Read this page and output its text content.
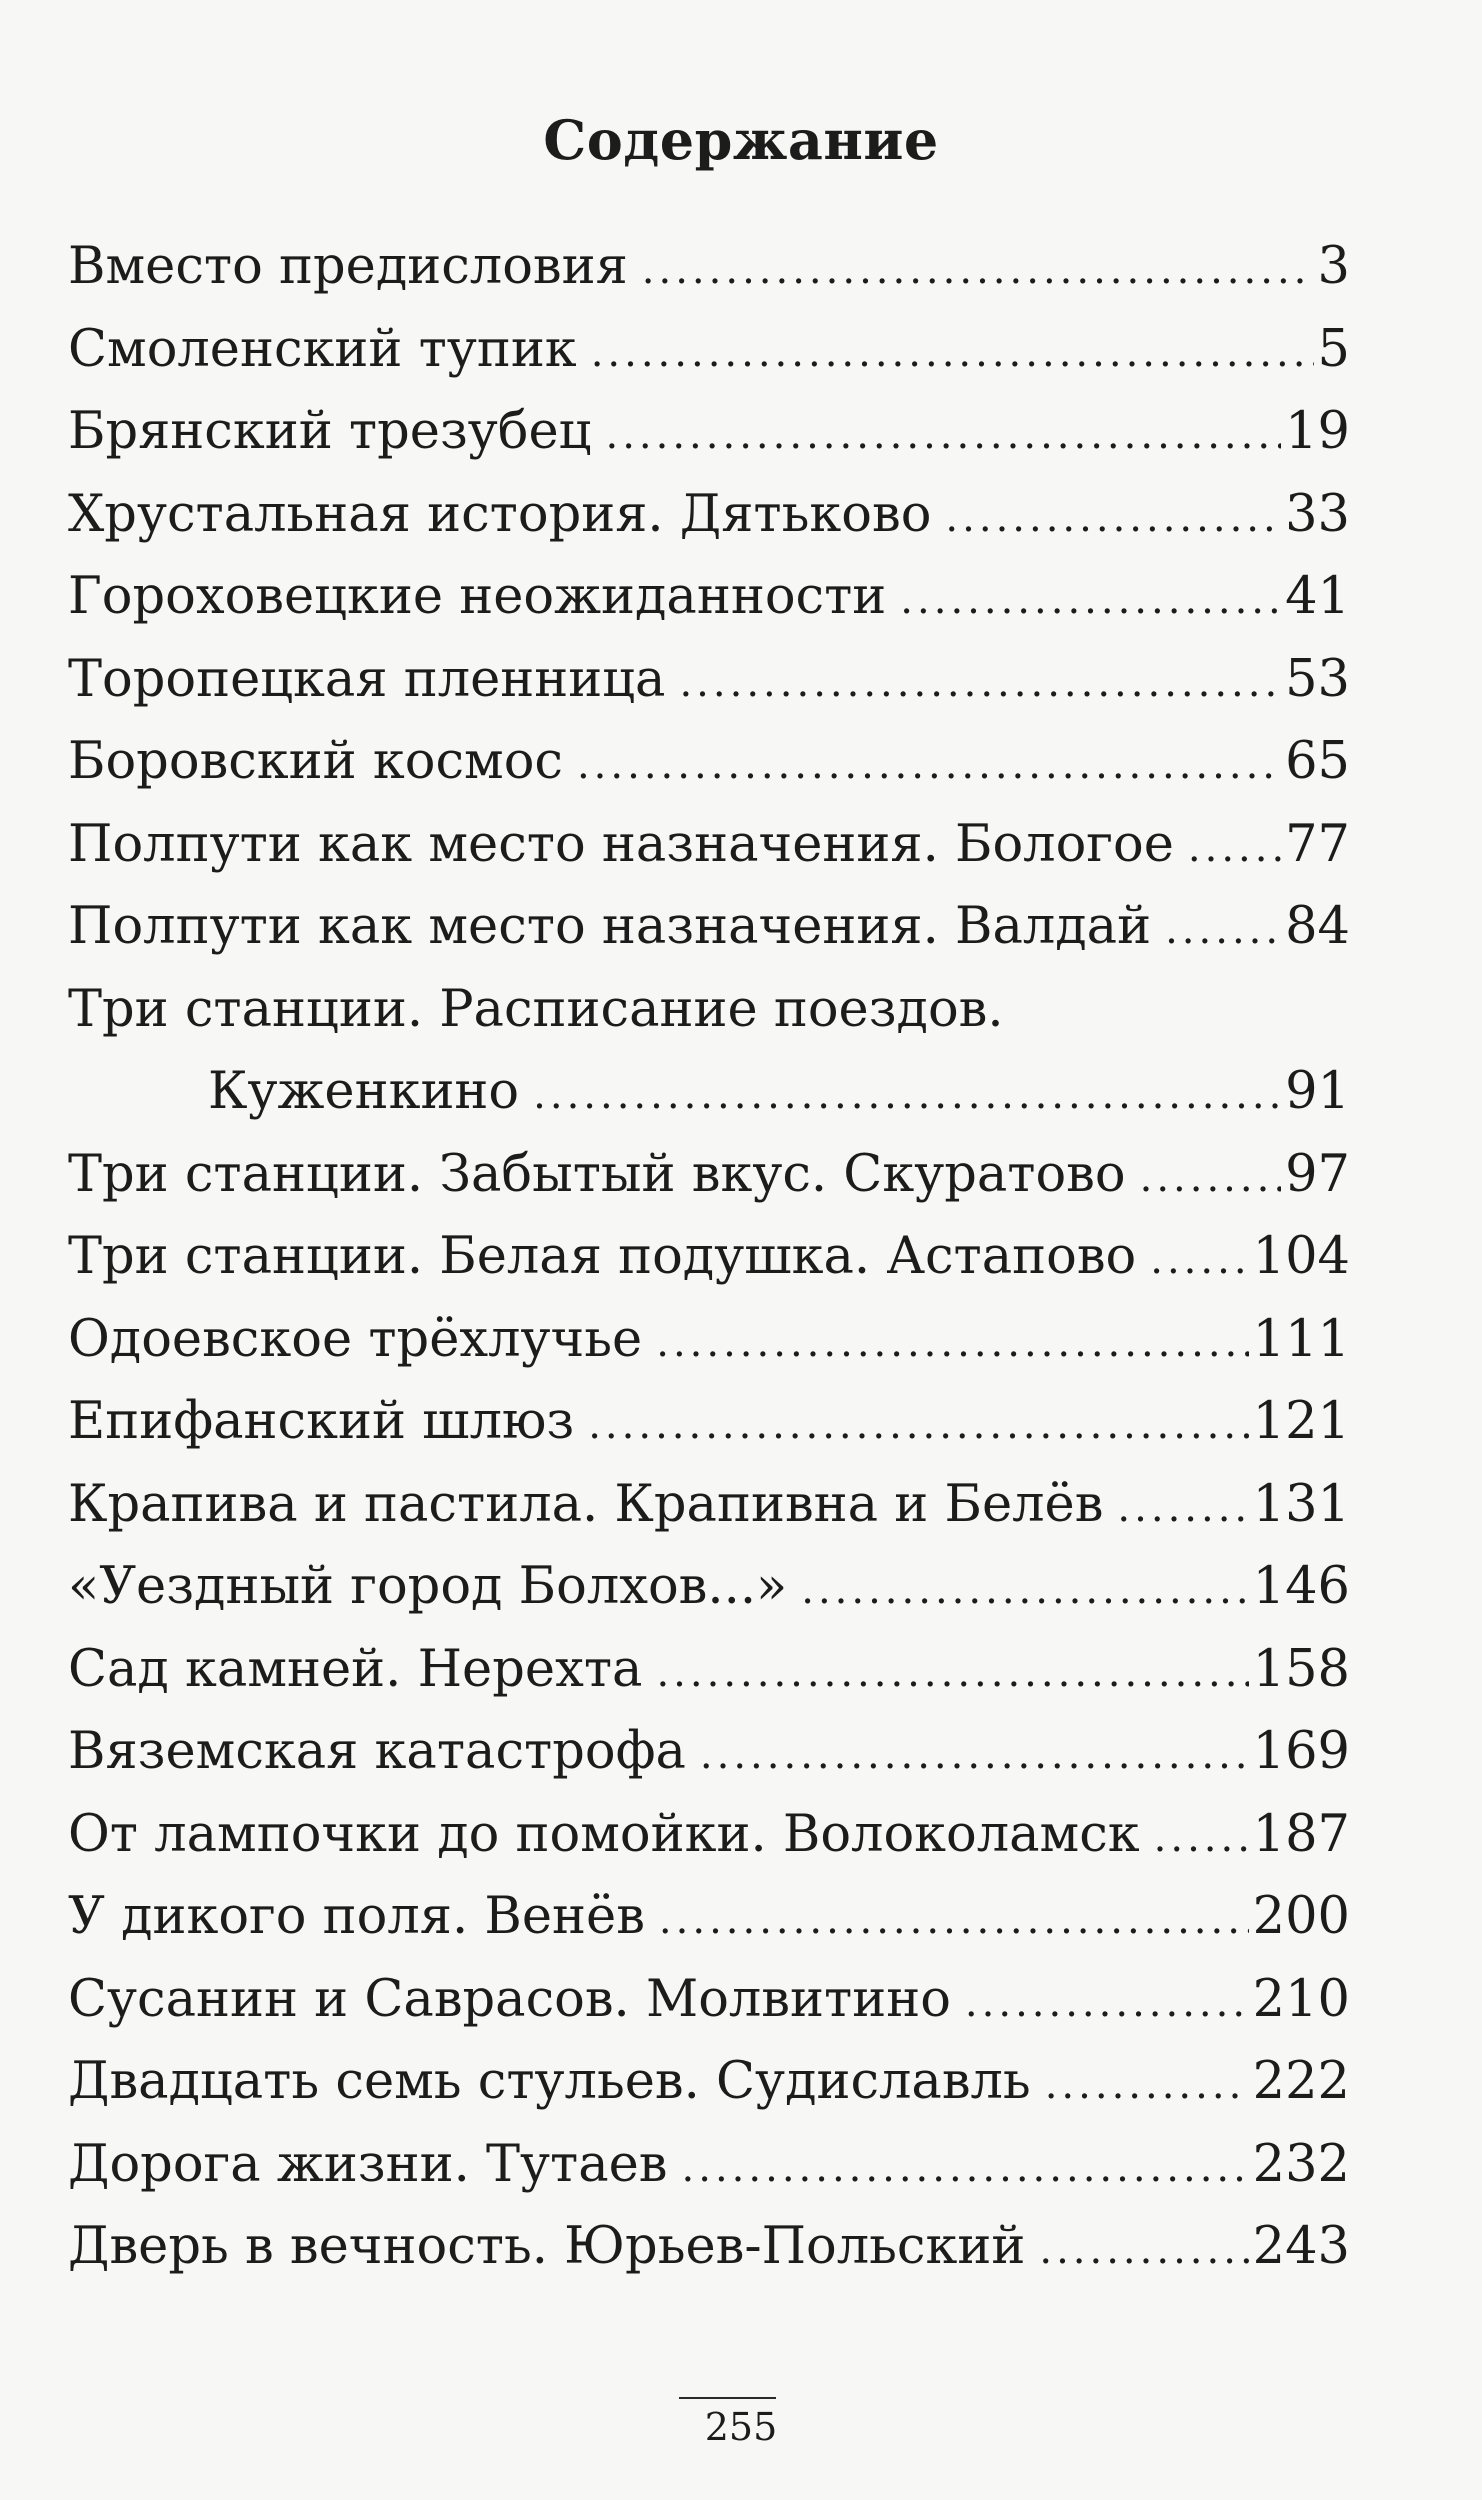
Содержание
Вместо предисловия .....	3
Смоленский тупик .....	5
Брянский трезубец .....	19
Хрустальная история. Дятьково .....	33
Гороховецкие неожиданности .....	41
Торопецкая пленница .....	53
Боровский космос .....	65
Полпути как место назначения. Бологое ..... 77
Полпути как место назначения. Валдай .....	84
Три станции. Расписание поездов.
Куженкино .....	91
Три станции. Забытый вкус. Скуратово .....	97
Три станции. Белая подушка. Астапово ..... 104
Одоевское трёхлучье .....	111
Епифанский шлюз .....	121
Крапива и пастила. Крапивна и Белёв .....	131
«Уездный город Болхов...» .....	146
Сад камней. Нерехта .....	158
Вяземская катастрофа .....	169
От лампочки до помойки. Волоколамск ..... 187
У дикого поля. Венёв .....	200
Сусанин и Саврасов. Молвитино .....	210
Двадцать семь стульев. Судиславль .....	222
Дорога жизни. Тутаев .....	232
Дверь в вечность. Юрьев-Польский .....	243
255
